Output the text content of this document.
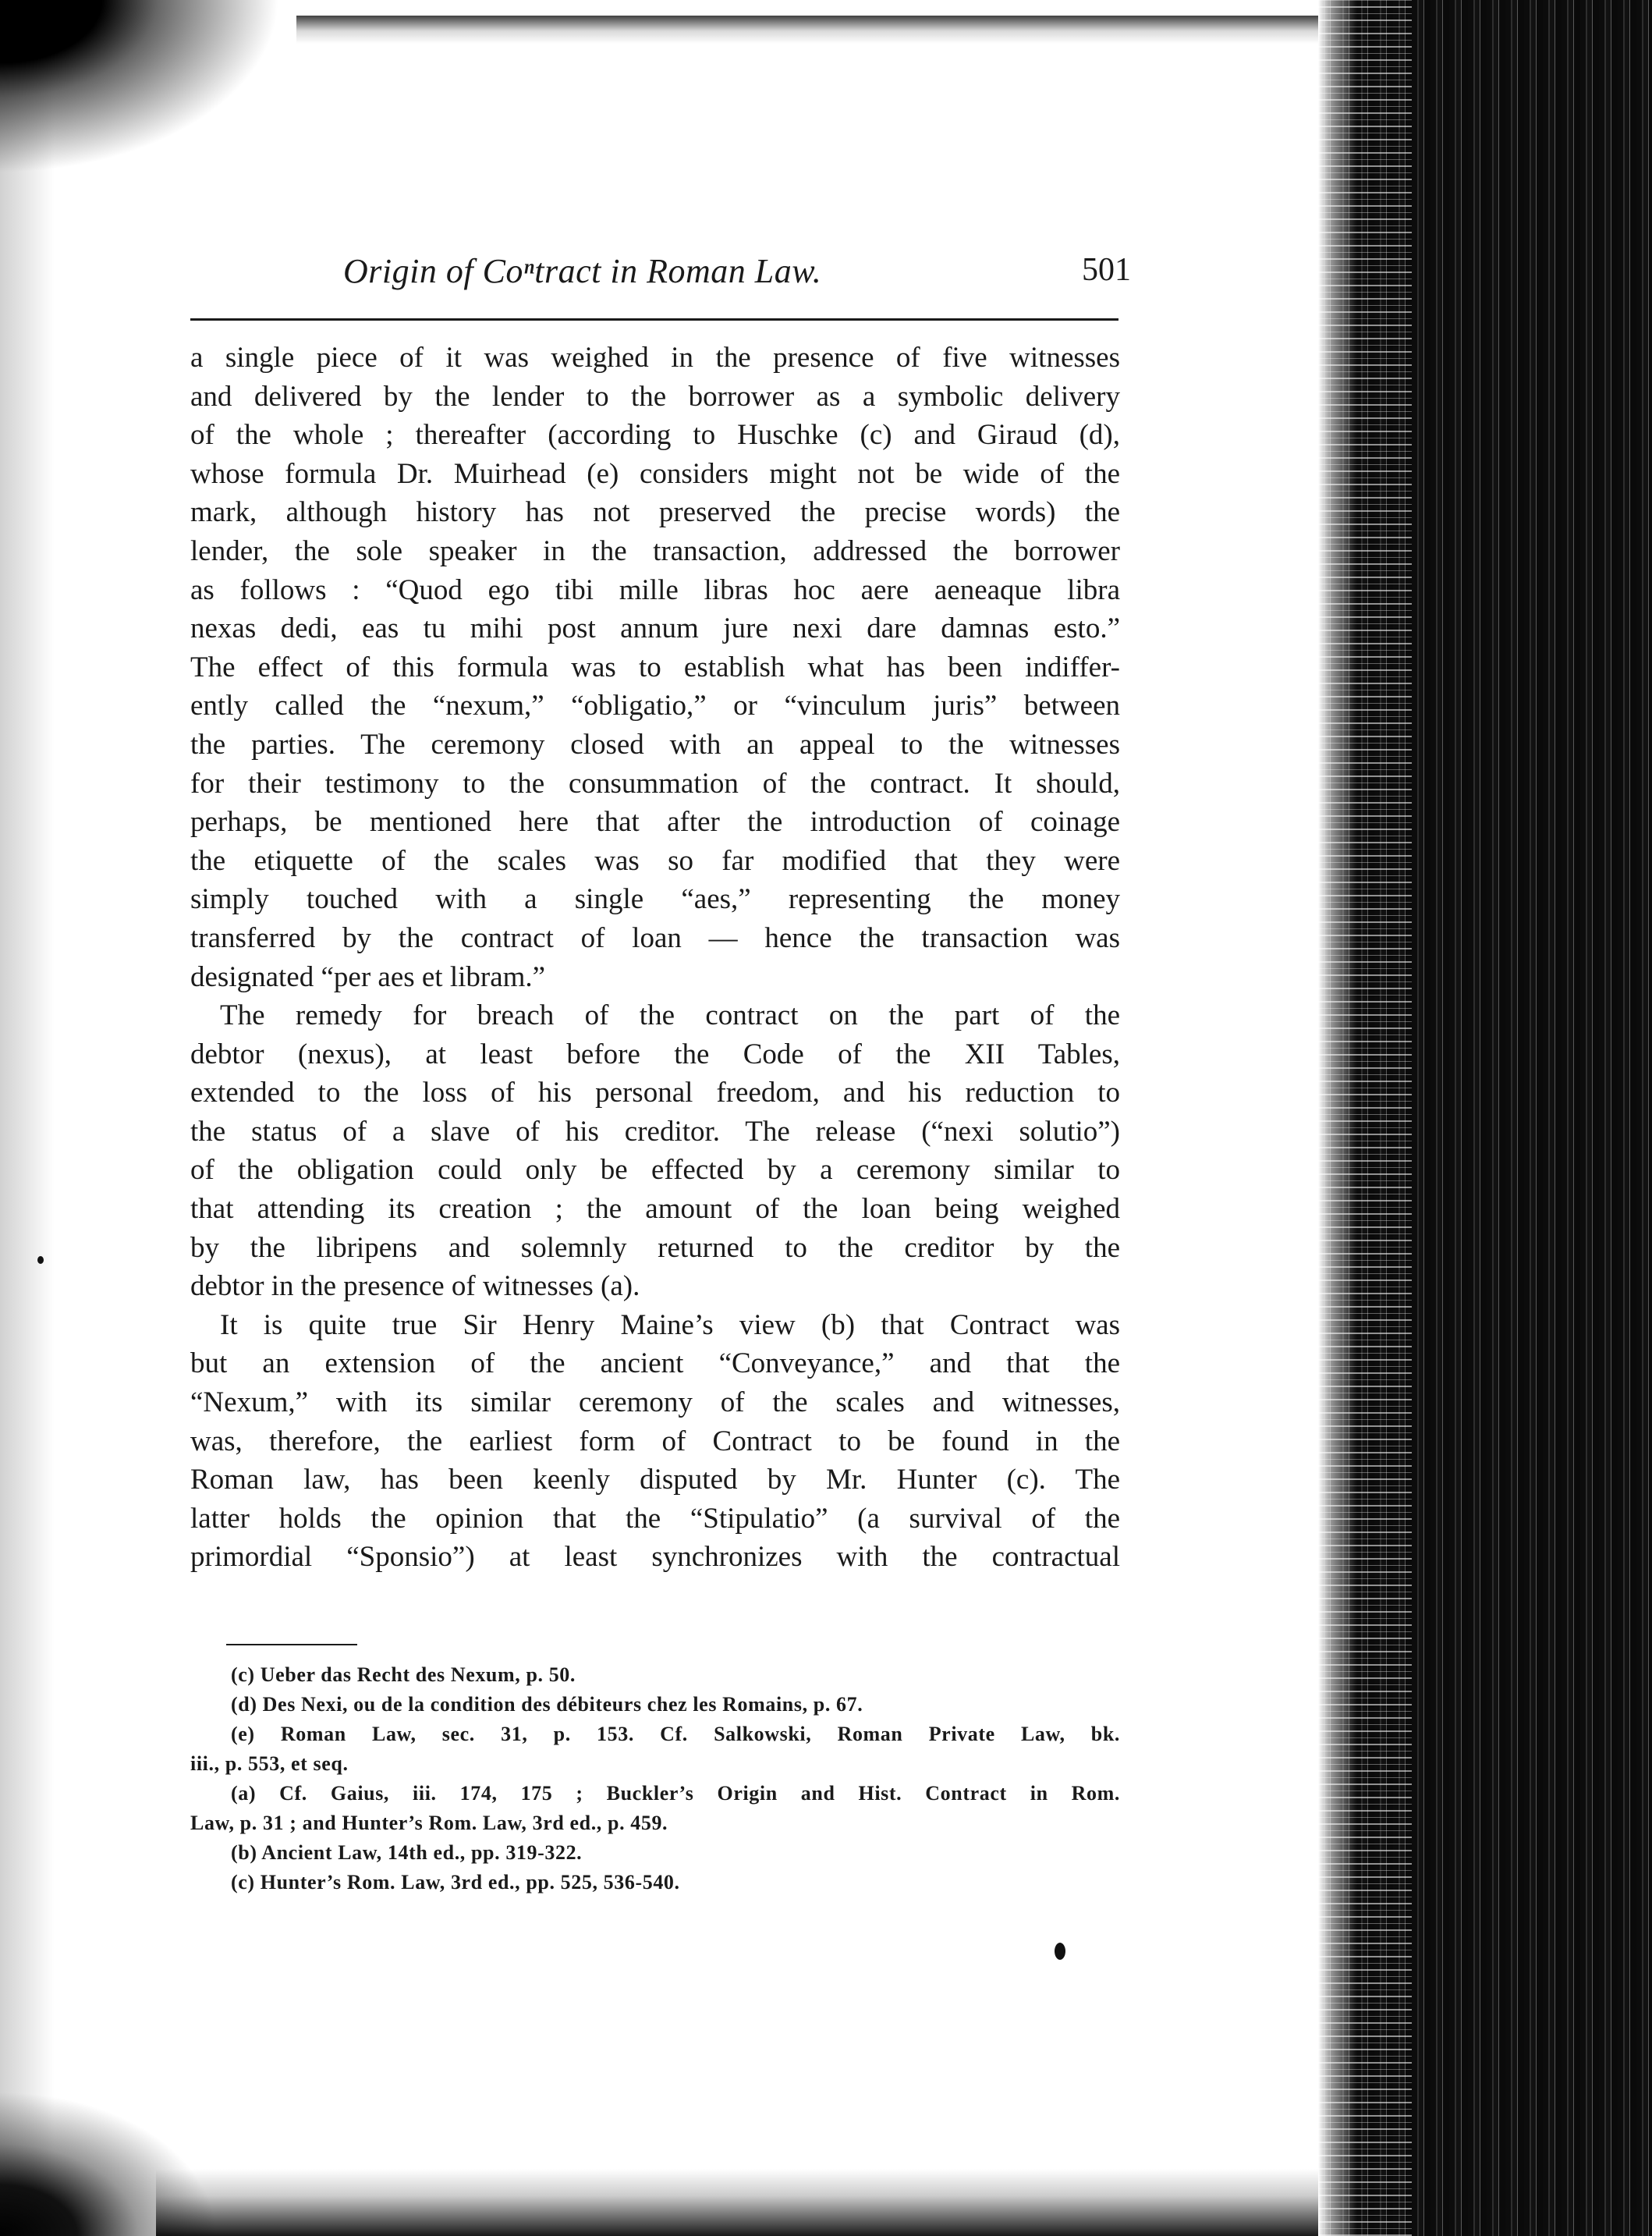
Origin of Coⁿtract in Roman Law.	501
a single piece of it was weighed in the presence of five witnesses
and delivered by the lender to the borrower as a symbolic delivery
of the whole ; thereafter (according to Huschke (c) and Giraud (d),
whose formula Dr. Muirhead (e) considers might not be wide of the
mark, although history has not preserved the precise words) the
lender, the sole speaker in the transaction, addressed the borrower
as follows : “Quod ego tibi mille libras hoc aere aeneaque libra
nexas dedi, eas tu mihi post annum jure nexi dare damnas esto.”
The effect of this formula was to establish what has been indiffer-
ently called the “nexum,” “obligatio,” or “vinculum juris” between
the parties. The ceremony closed with an appeal to the witnesses
for their testimony to the consummation of the contract. It should,
perhaps, be mentioned here that after the introduction of coinage
the etiquette of the scales was so far modified that they were
simply touched with a single “aes,” representing the money
transferred by the contract of loan — hence the transaction was
designated “per aes et libram.”
The remedy for breach of the contract on the part of the
debtor (nexus), at least before the Code of the XII Tables,
extended to the loss of his personal freedom, and his reduction to
the status of a slave of his creditor. The release (“nexi solutio”)
of the obligation could only be effected by a ceremony similar to
that attending its creation ; the amount of the loan being weighed
by the libripens and solemnly returned to the creditor by the
debtor in the presence of witnesses (a).
It is quite true Sir Henry Maine’s view (b) that Contract was
but an extension of the ancient “Conveyance,” and that the
“Nexum,” with its similar ceremony of the scales and witnesses,
was, therefore, the earliest form of Contract to be found in the
Roman law, has been keenly disputed by Mr. Hunter (c). The
latter holds the opinion that the “Stipulatio” (a survival of the
primordial “Sponsio”) at least synchronizes with the contractual
(c) Ueber das Recht des Nexum, p. 50.
(d) Des Nexi, ou de la condition des débiteurs chez les Romains, p. 67.
(e) Roman Law, sec. 31, p. 153. Cf. Salkowski, Roman Private Law, bk.
iii., p. 553, et seq.
(a) Cf. Gaius, iii. 174, 175 ; Buckler’s Origin and Hist. Contract in Rom.
Law, p. 31 ; and Hunter’s Rom. Law, 3rd ed., p. 459.
(b) Ancient Law, 14th ed., pp. 319-322.
(c) Hunter’s Rom. Law, 3rd ed., pp. 525, 536-540.
